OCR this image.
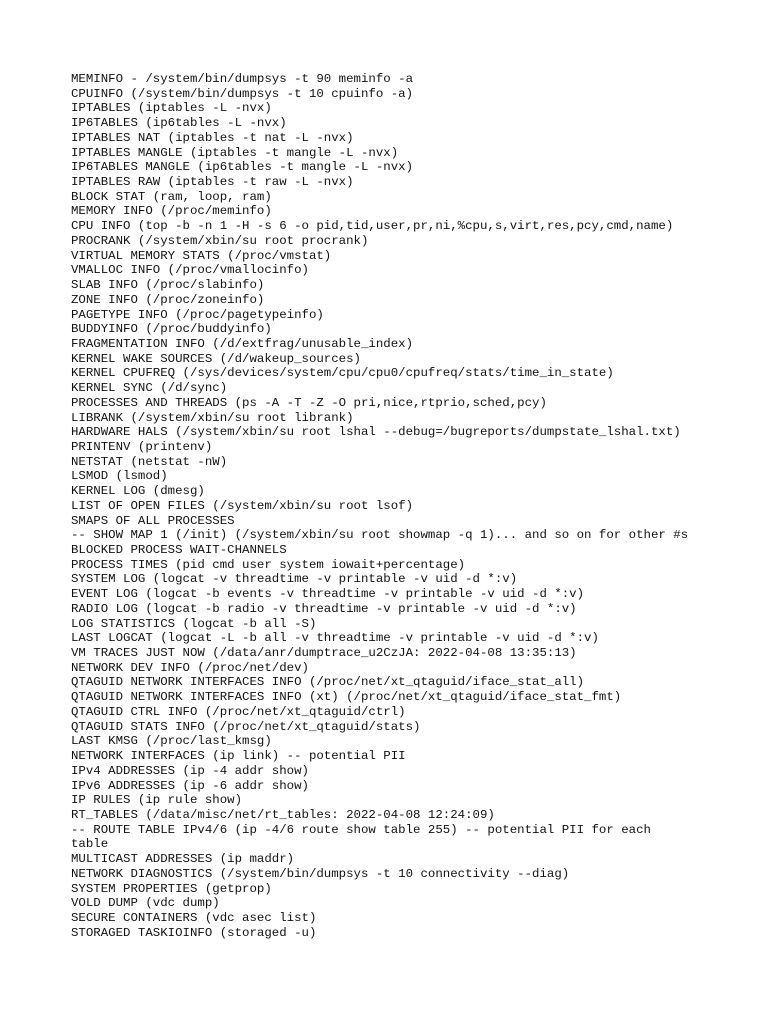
MEMINFO - /system/bin/dumpsys -t 90 meminfo -a
CPUINFO (/system/bin/dumpsys -t 10 cpuinfo -a)
IPTABLES (iptables -L -nvx)
IP6TABLES (ip6tables -L -nvx)
IPTABLES NAT (iptables -t nat -L -nvx)
IPTABLES MANGLE (iptables -t mangle -L -nvx)
IP6TABLES MANGLE (ip6tables -t mangle -L -nvx)
IPTABLES RAW (iptables -t raw -L -nvx)
BLOCK STAT (ram, loop, ram)
MEMORY INFO (/proc/meminfo)
CPU INFO (top -b -n 1 -H -s 6 -o pid,tid,user,pr,ni,%cpu,s,virt,res,pcy,cmd,name)
PROCRANK (/system/xbin/su root procrank)
VIRTUAL MEMORY STATS (/proc/vmstat)
VMALLOC INFO (/proc/vmallocinfo)
SLAB INFO (/proc/slabinfo)
ZONE INFO (/proc/zoneinfo)
PAGETYPE INFO (/proc/pagetypeinfo)
BUDDYINFO (/proc/buddyinfo)
FRAGMENTATION INFO (/d/extfrag/unusable_index)
KERNEL WAKE SOURCES (/d/wakeup_sources)
KERNEL CPUFREQ (/sys/devices/system/cpu/cpu0/cpufreq/stats/time_in_state)
KERNEL SYNC (/d/sync)
PROCESSES AND THREADS (ps -A -T -Z -O pri,nice,rtprio,sched,pcy)
LIBRANK (/system/xbin/su root librank)
HARDWARE HALS (/system/xbin/su root lshal --debug=/bugreports/dumpstate_lshal.txt)
PRINTENV (printenv)
NETSTAT (netstat -nW)
LSMOD (lsmod)
KERNEL LOG (dmesg)
LIST OF OPEN FILES (/system/xbin/su root lsof)
SMAPS OF ALL PROCESSES
-- SHOW MAP 1 (/init) (/system/xbin/su root showmap -q 1)... and so on for other #s
BLOCKED PROCESS WAIT-CHANNELS
PROCESS TIMES (pid cmd user system iowait+percentage)
SYSTEM LOG (logcat -v threadtime -v printable -v uid -d *:v)
EVENT LOG (logcat -b events -v threadtime -v printable -v uid -d *:v)
RADIO LOG (logcat -b radio -v threadtime -v printable -v uid -d *:v)
LOG STATISTICS (logcat -b all -S)
LAST LOGCAT (logcat -L -b all -v threadtime -v printable -v uid -d *:v)
VM TRACES JUST NOW (/data/anr/dumptrace_u2CzJA: 2022-04-08 13:35:13)
NETWORK DEV INFO (/proc/net/dev)
QTAGUID NETWORK INTERFACES INFO (/proc/net/xt_qtaguid/iface_stat_all)
QTAGUID NETWORK INTERFACES INFO (xt) (/proc/net/xt_qtaguid/iface_stat_fmt)
QTAGUID CTRL INFO (/proc/net/xt_qtaguid/ctrl)
QTAGUID STATS INFO (/proc/net/xt_qtaguid/stats)
LAST KMSG (/proc/last_kmsg)
NETWORK INTERFACES (ip link) -- potential PII
IPv4 ADDRESSES (ip -4 addr show)
IPv6 ADDRESSES (ip -6 addr show)
IP RULES (ip rule show)
RT_TABLES (/data/misc/net/rt_tables: 2022-04-08 12:24:09)
-- ROUTE TABLE IPv4/6 (ip -4/6 route show table 255) -- potential PII for each
table
MULTICAST ADDRESSES (ip maddr)
NETWORK DIAGNOSTICS (/system/bin/dumpsys -t 10 connectivity --diag)
SYSTEM PROPERTIES (getprop)
VOLD DUMP (vdc dump)
SECURE CONTAINERS (vdc asec list)
STORAGED TASKIOINFO (storaged -u)
